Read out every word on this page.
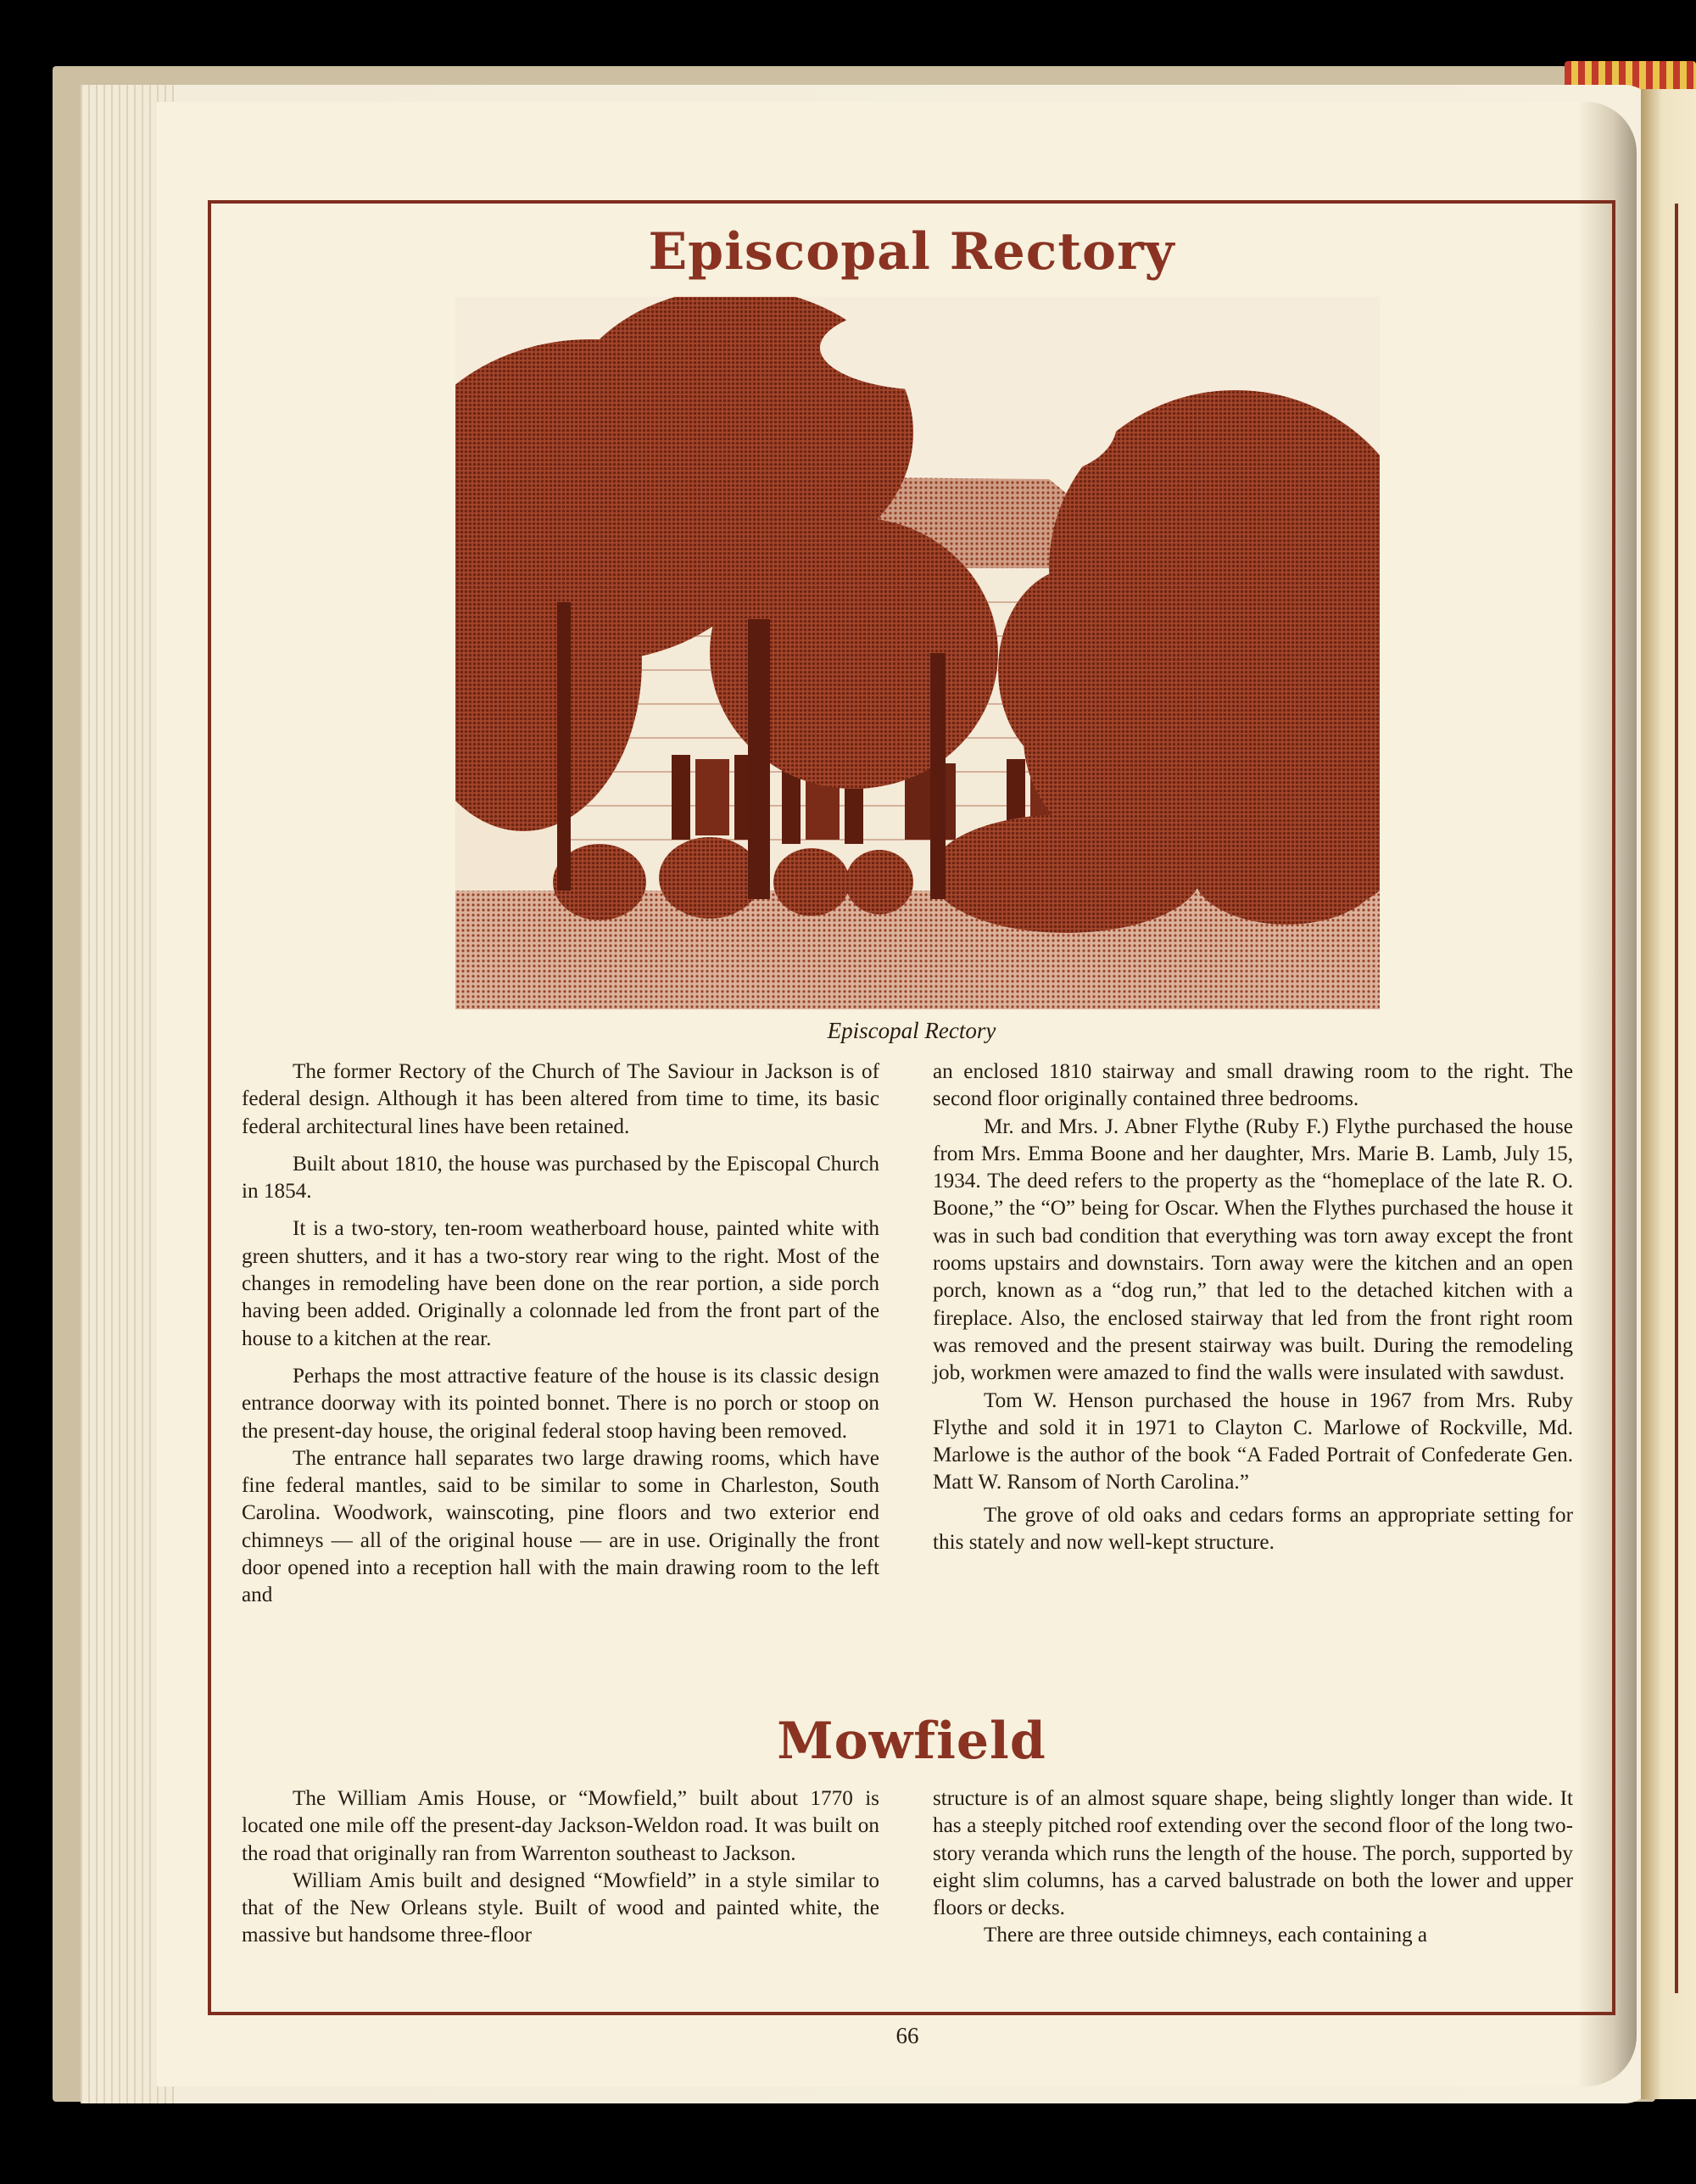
Episcopal Rectory
Episcopal Rectory

The former Rectory of the Church of The Saviour in Jackson is of federal design. Although it has been altered from time to time, its basic federal architectural lines have been retained.

Built about 1810, the house was purchased by the Episcopal Church in 1854.

It is a two-story, ten-room weatherboard house, painted white with green shutters, and it has a two-story rear wing to the right. Most of the changes in remodeling have been done on the rear portion, a side porch having been added. Originally a colonnade led from the front part of the house to a kitchen at the rear.

Perhaps the most attractive feature of the house is its classic design entrance doorway with its pointed bonnet. There is no porch or stoop on the present-day house, the original federal stoop having been removed.

The entrance hall separates two large drawing rooms, which have fine federal mantles, said to be similar to some in Charleston, South Carolina. Woodwork, wainscoting, pine floors and two exterior end chimneys — all of the original house — are in use. Originally the front door opened into a reception hall with the main drawing room to the left and

an enclosed 1810 stairway and small drawing room to the right. The second floor originally contained three bedrooms.

Mr. and Mrs. J. Abner Flythe (Ruby F.) Flythe purchased the house from Mrs. Emma Boone and her daughter, Mrs. Marie B. Lamb, July 15, 1934. The deed refers to the property as the “homeplace of the late R. O. Boone,” the “O” being for Oscar. When the Flythes purchased the house it was in such bad condition that everything was torn away except the front rooms upstairs and downstairs. Torn away were the kitchen and an open porch, known as a “dog run,” that led to the detached kitchen with a fireplace. Also, the enclosed stairway that led from the front right room was removed and the present stairway was built. During the remodeling job, workmen were amazed to find the walls were insulated with sawdust.

Tom W. Henson purchased the house in 1967 from Mrs. Ruby Flythe and sold it in 1971 to Clayton C. Marlowe of Rockville, Md. Marlowe is the author of the book “A Faded Portrait of Confederate Gen. Matt W. Ransom of North Carolina.”

The grove of old oaks and cedars forms an appropriate setting for this stately and now well-kept structure.

Mowfield

The William Amis House, or “Mowfield,” built about 1770 is located one mile off the present-day Jackson-Weldon road. It was built on the road that originally ran from Warrenton southeast to Jackson.

William Amis built and designed “Mowfield” in a style similar to that of the New Orleans style. Built of wood and painted white, the massive but handsome three-floor

structure is of an almost square shape, being slightly longer than wide. It has a steeply pitched roof extending over the second floor of the long two-story veranda which runs the length of the house. The porch, supported by eight slim columns, has a carved balustrade on both the lower and upper floors or decks.

There are three outside chimneys, each containing a

66
